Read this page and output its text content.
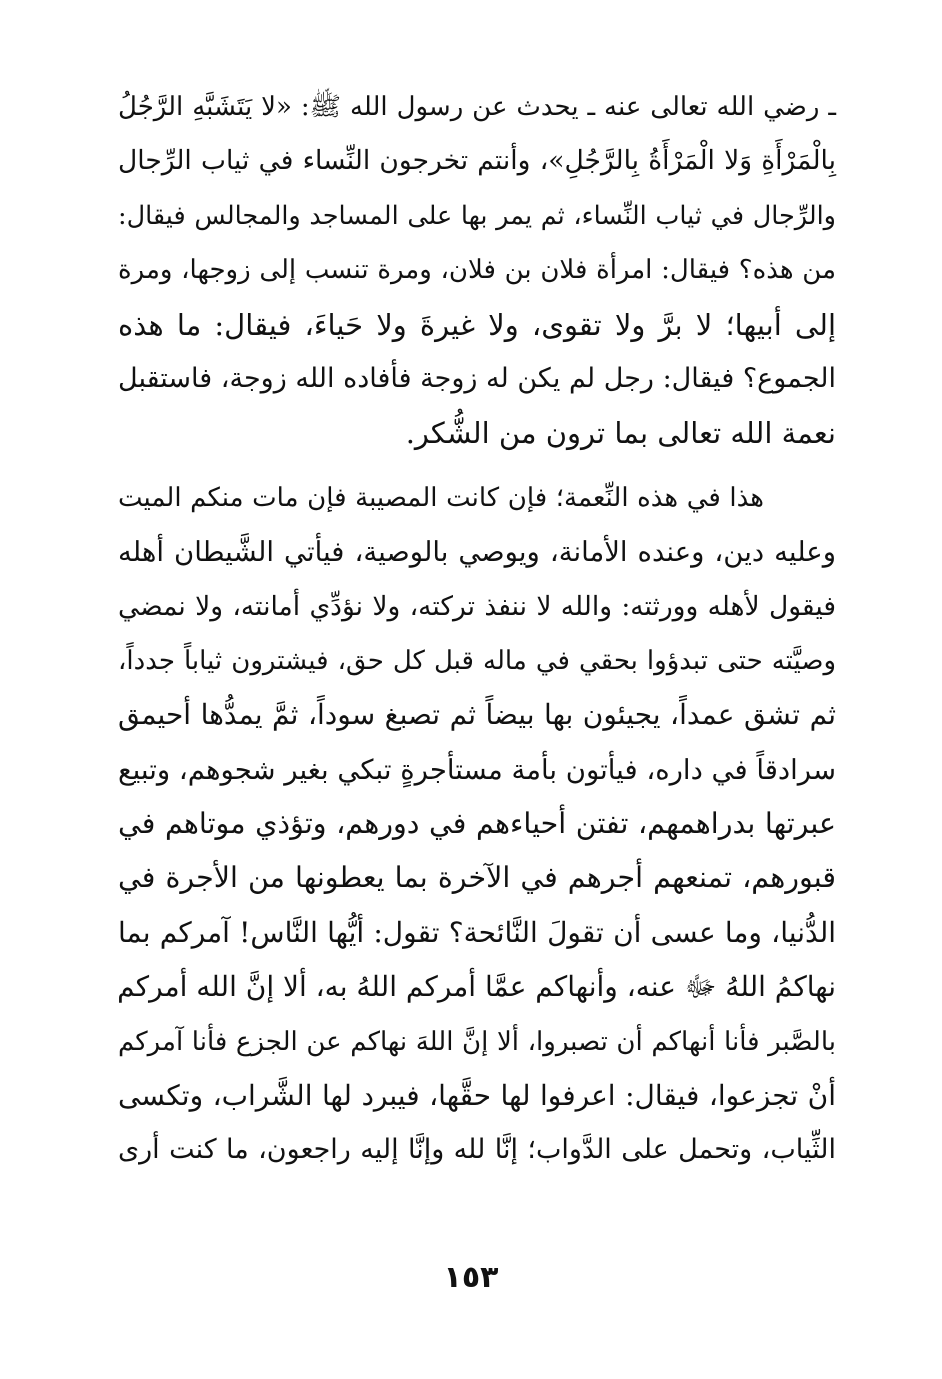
ـ رضي الله تعالى عنه ـ يحدث عن رسول الله ﷺ: «لا يَتَشَبَّهِ الرَّجُلُ
بِالْمَرْأَةِ وَلا الْمَرْأَةُ بِالرَّجُلِ»، وأنتم تخرجون النِّساء في ثياب الرِّجال
والرِّجال في ثياب النِّساء، ثم يمر بها على المساجد والمجالس فيقال:
من هذه؟ فيقال: امرأة فلان بن فلان، ومرة تنسب إلى زوجها، ومرة
إلى أبيها؛ لا برَّ ولا تقوى، ولا غيرةَ ولا حَياءَ، فيقال: ما هذه
الجموع؟ فيقال: رجل لم يكن له زوجة فأفاده الله زوجة، فاستقبل
نعمة الله تعالى بما ترون من الشُّكر.
هذا في هذه النِّعمة؛ فإن كانت المصيبة فإن مات منكم الميت
وعليه دين، وعنده الأمانة، ويوصي بالوصية، فيأتي الشَّيطان أهله
فيقول لأهله وورثته: والله لا ننفذ تركته، ولا نؤدِّي أمانته، ولا نمضي
وصيَّته حتى تبدؤوا بحقي في ماله قبل كل حق، فيشترون ثياباً جدداً،
ثم تشق عمداً، يجيئون بها بيضاً ثم تصبغ سوداً، ثمَّ يمدُّها أحيمق
سرادقاً في داره، فيأتون بأمة مستأجرةٍ تبكي بغير شجوهم، وتبيع
عبرتها بدراهمهم، تفتن أحياءهم في دورهم، وتؤذي موتاهم في
قبورهم، تمنعهم أجرهم في الآخرة بما يعطونها من الأجرة في
الدُّنيا، وما عسى أن تقولَ النَّائحة؟ تقول: أيُّها النَّاس! آمركم بما
نهاكمُ اللهُ ﷻ عنه، وأنهاكم عمَّا أمركم اللهُ به، ألا إنَّ الله أمركم
بالصَّبر فأنا أنهاكم أن تصبروا، ألا إنَّ اللهَ نهاكم عن الجزع فأنا آمركم
أنْ تجزعوا، فيقال: اعرفوا لها حقَّها، فيبرد لها الشَّراب، وتكسى
الثِّياب، وتحمل على الدَّواب؛ إنَّا لله وإنَّا إليه راجعون، ما كنت أرى
١٥٣
